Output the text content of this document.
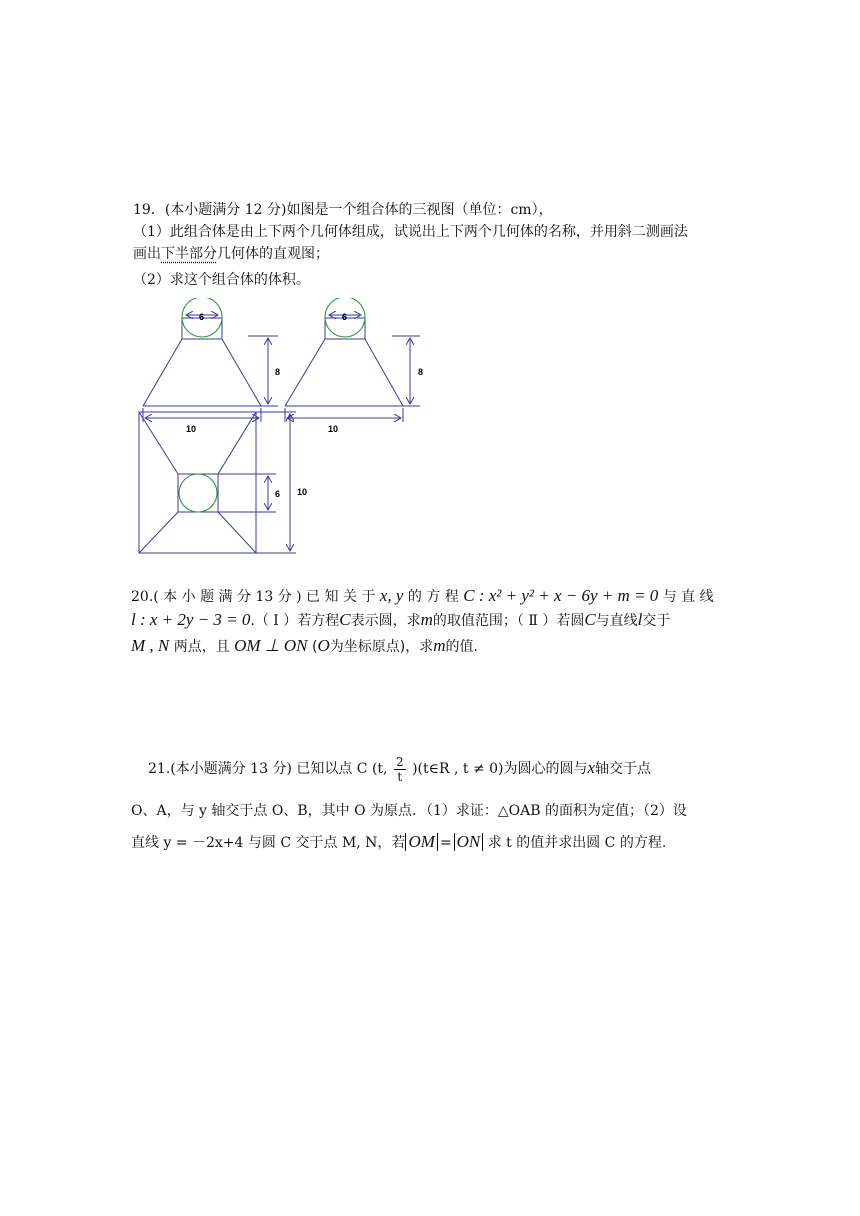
19．(本小题满分 12 分)如图是一个组合体的三视图（单位：cm），
（1）此组合体是由上下两个几何体组成，试说出上下两个几何体的名称，并用斜二测画法
画出下半部分几何体的直观图；
（2）求这个组合体的体积。
6
8
10
6
8
10
6 10
20.( 本 小 题 满 分 13 分 ) 已 知 关 于 x, y 的 方 程 C : x² + y² + x − 6y + m = 0 与 直 线
l : x + 2y − 3 = 0.（ Ⅰ ）若方程C表示圆，求m的取值范围；（ Ⅱ ）若圆C与直线l交于
M , N 两点，且 OM ⊥ ON (O为坐标原点)，求m的值.
21.(本小题满分 13 分) 已知以点 C (t, $\frac{2}{t}$ )(t∈R , t ≠ 0)为圆心的圆与x轴交于点
O、A，与 y 轴交于点 O、B，其中 O 为原点．（1）求证：△OAB 的面积为定值；（2）设
直线 y = －2x+4 与圆 C 交于点 M, N，若 OM = ON 求 t 的值并求出圆 C 的方程.
